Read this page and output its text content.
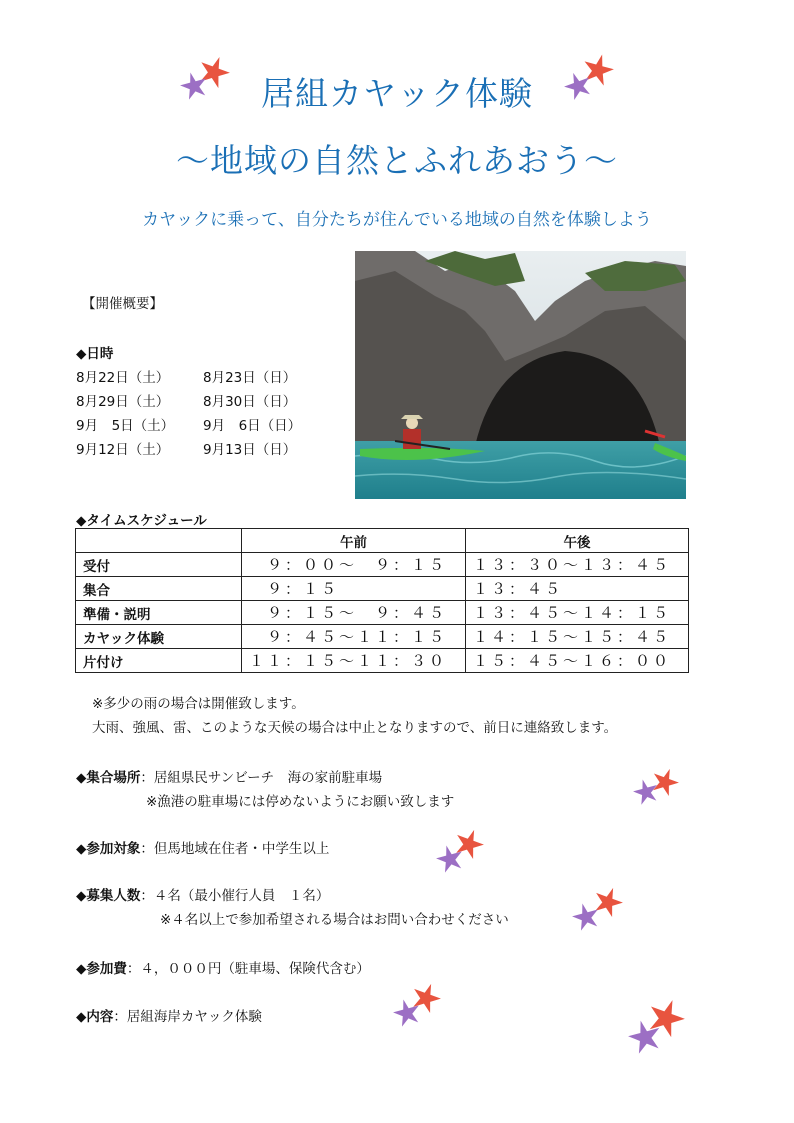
居組カヤック体験
～地域の自然とふれあおう～
カヤックに乗って、自分たちが住んでいる地域の自然を体験しよう
【開催概要】
◆日時
8月22日（土） 8月23日（日）
8月29日（土） 8月30日（日）
9月　5日（土） 9月　6日（日）
9月12日（土） 9月13日（日）
◆タイムスケジュール
	午前	午後
受付	　９：００～　９：１５	１３：３０～１３：４５
集合	　９：１５	１３：４５
準備・説明	　９：１５～　９：４５	１３：４５～１４：１５
カヤック体験	　９：４５～１１：１５	１４：１５～１５：４５
片付け	１１：１５～１１：３０	１５：４５～１６：００
※多少の雨の場合は開催致します。
大雨、強風、雷、このような天候の場合は中止となりますので、前日に連絡致します。
◆集合場所：居組県民サンビーチ　海の家前駐車場
※漁港の駐車場には停めないようにお願い致します
◆参加対象：但馬地域在住者・中学生以上
◆募集人数：４名（最小催行人員　１名）
※４名以上で参加希望される場合はお問い合わせください
◆参加費：４，０００円（駐車場、保険代含む）
◆内容：居組海岸カヤック体験
